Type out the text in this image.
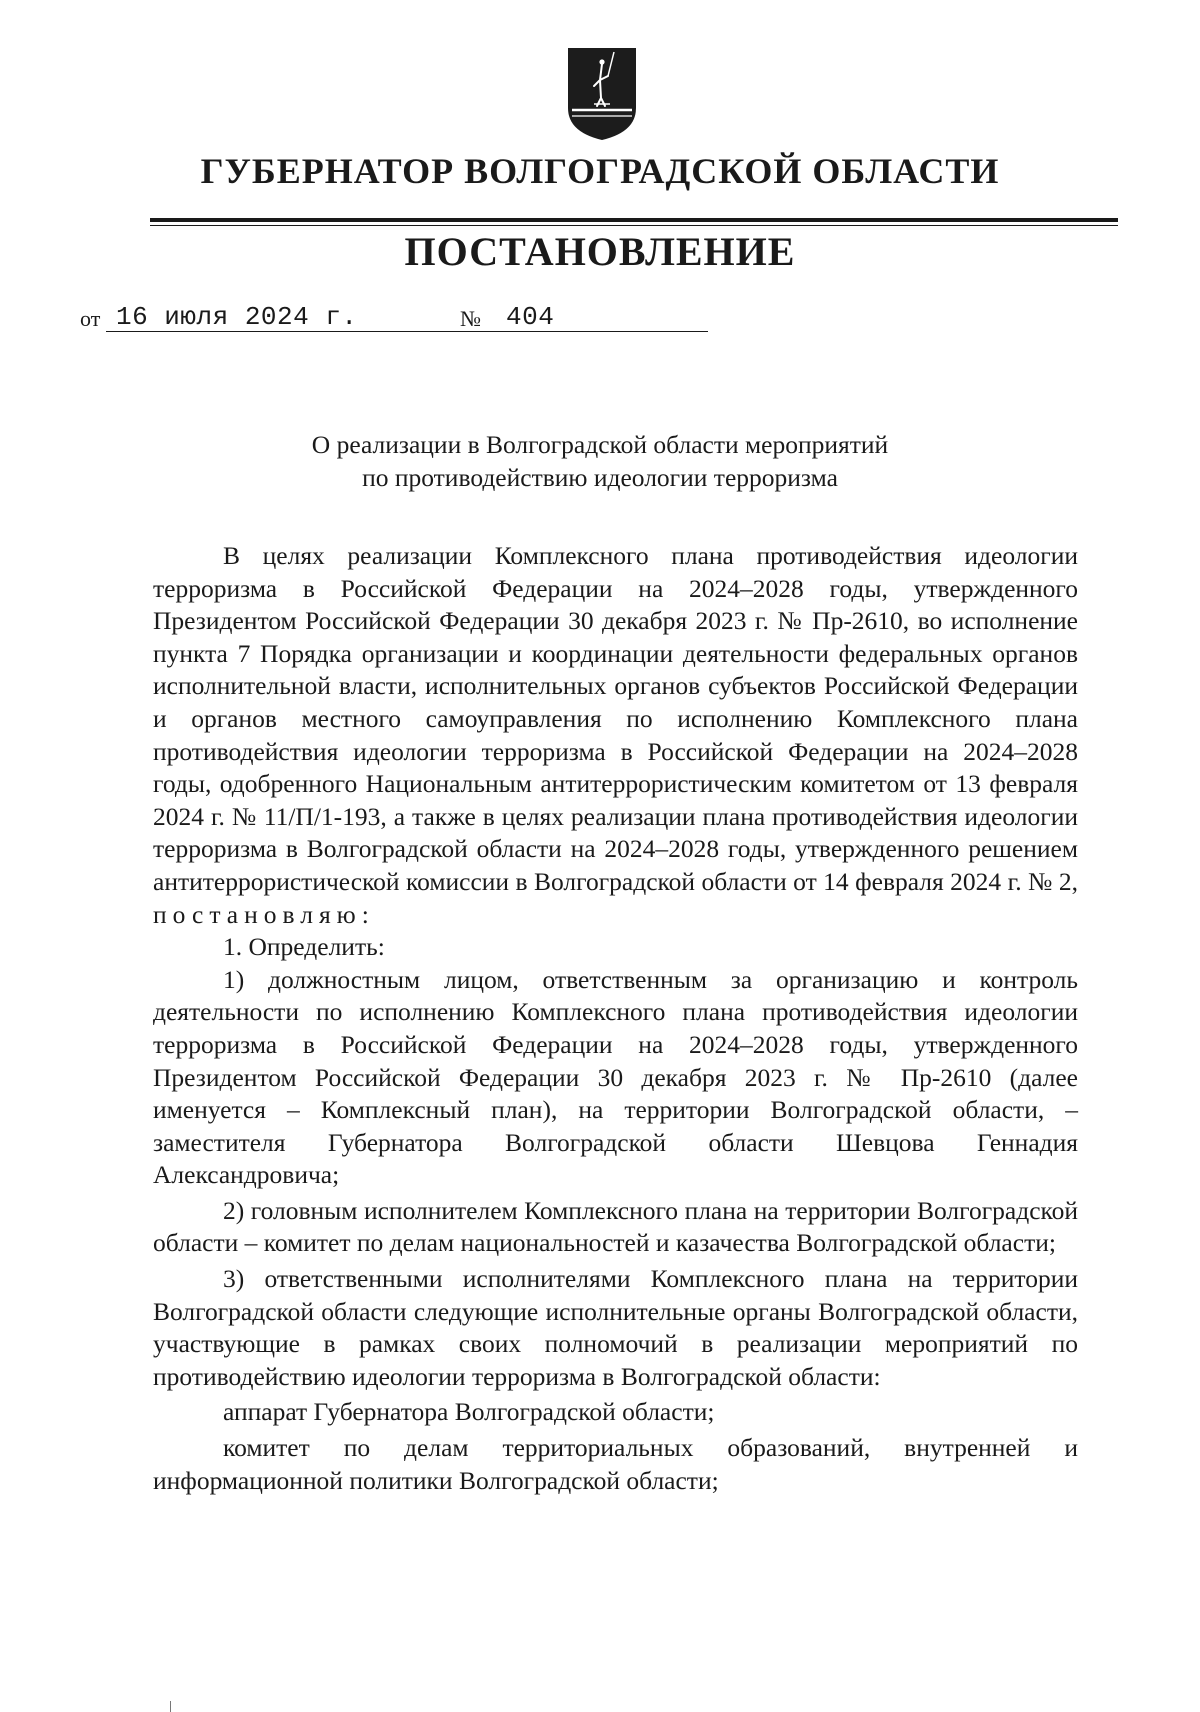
ГУБЕРНАТОР ВОЛГОГРАДСКОЙ ОБЛАСТИ
ПОСТАНОВЛЕНИЕ
от 16 июля 2024 г.	№ 404
О реализации в Волгоградской области мероприятий
по противодействию идеологии терроризма

В целях реализации Комплексного плана противодействия идеологии терроризма в Российской Федерации на 2024–2028 годы, утвержденного Президентом Российской Федерации 30 декабря 2023 г. № Пр-2610, во исполнение пункта 7 Порядка организации и координации деятельности федеральных органов исполнительной власти, исполнительных органов субъектов Российской Федерации и органов местного самоуправления по исполнению Комплексного плана противодействия идеологии терроризма в Российской Федерации на 2024–2028 годы, одобренного Национальным антитеррористическим комитетом от 13 февраля 2024 г. № 11/П/1-193, а также в целях реализации плана противодействия идеологии терроризма в Волгоградской области на 2024–2028 годы, утвержденного решением антитеррористической комиссии в Волгоградской области от 14 февраля 2024 г. № 2, постановляю:

1. Определить:

1) должностным лицом, ответственным за организацию и контроль деятельности по исполнению Комплексного плана противодействия идеологии терроризма в Российской Федерации на 2024–2028 годы, утвержденного Президентом Российской Федерации 30 декабря 2023 г. № Пр-2610 (далее именуется – Комплексный план), на территории Волгоградской области, – заместителя Губернатора Волгоградской области Шевцова Геннадия Александровича;

2) головным исполнителем Комплексного плана на территории Волгоградской области – комитет по делам национальностей и казачества Волгоградской области;

3) ответственными исполнителями Комплексного плана на территории Волгоградской области следующие исполнительные органы Волгоградской области, участвующие в рамках своих полномочий в реализации мероприятий по противодействию идеологии терроризма в Волгоградской области:

аппарат Губернатора Волгоградской области;

комитет по делам территориальных образований, внутренней и информационной политики Волгоградской области;
